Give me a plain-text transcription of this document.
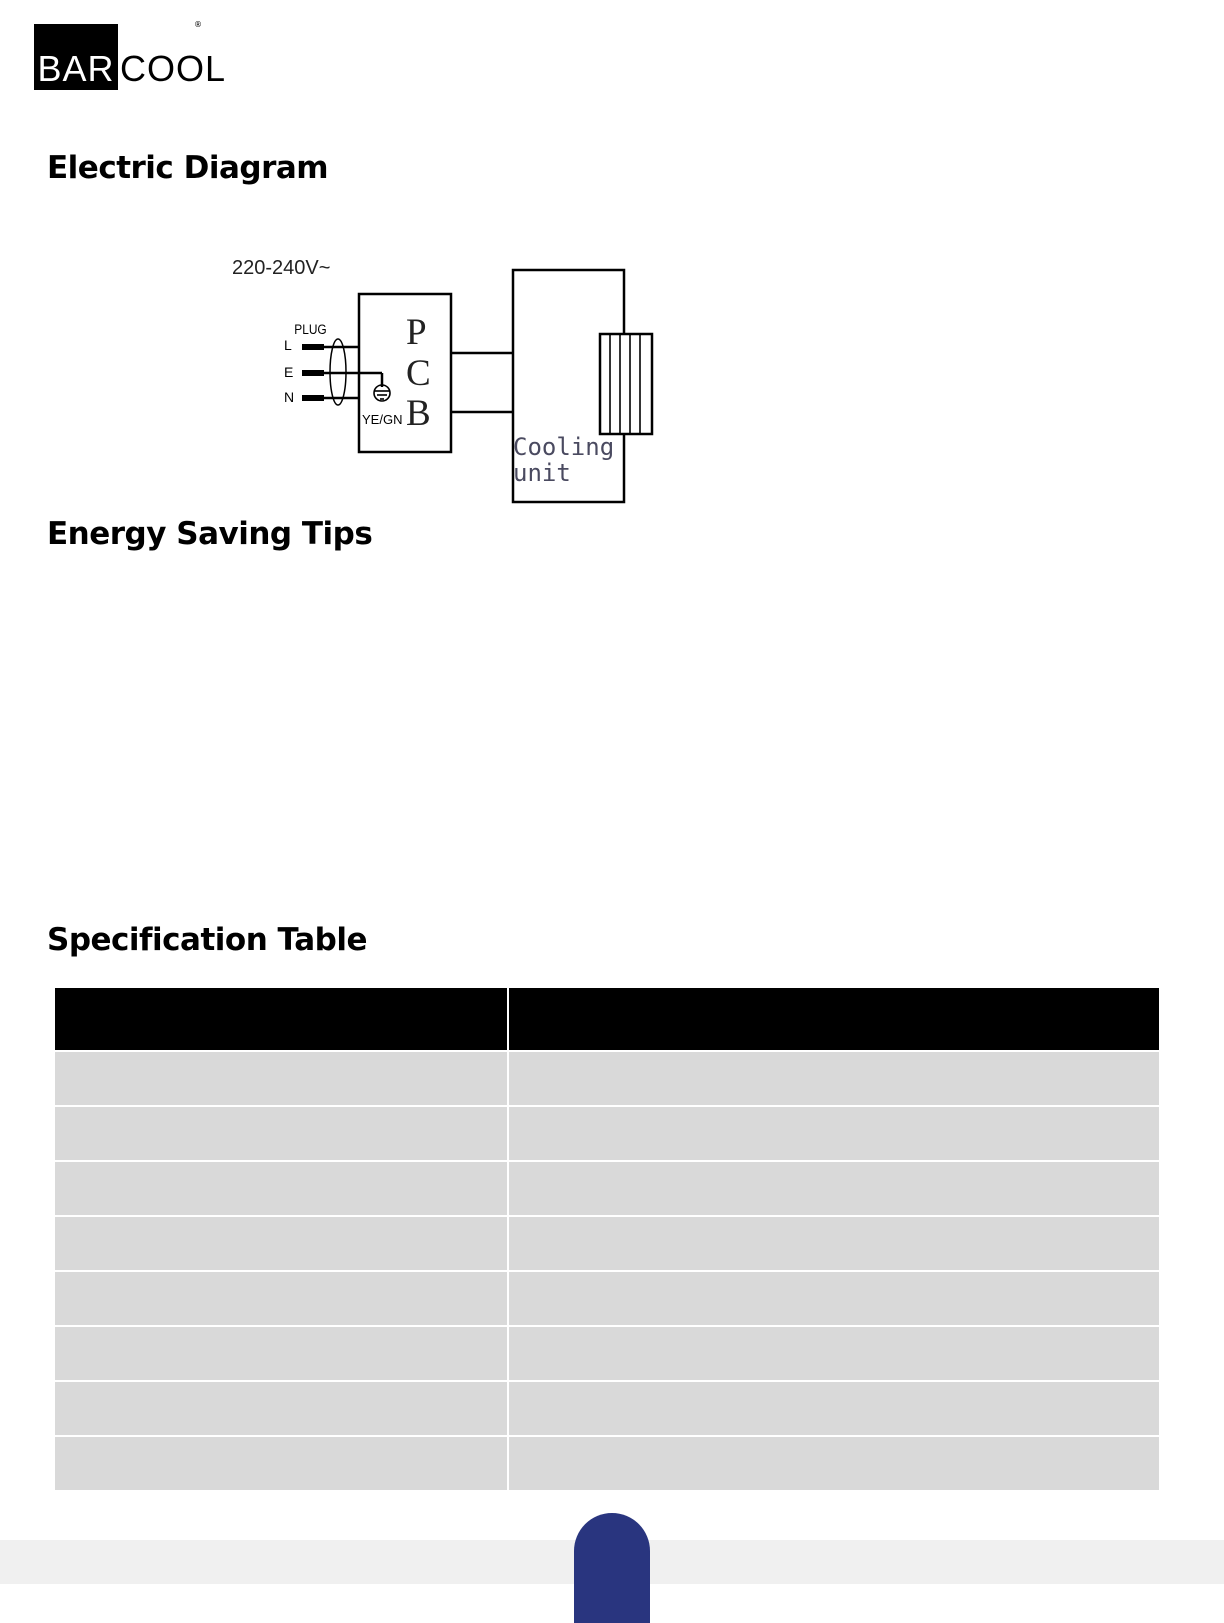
BAR COOL
®
Electric Diagram
220-240V~
PLUG
L
E
N
YE/GN
P
C
B
Cooling
unit
Energy Saving Tips
Specification Table
